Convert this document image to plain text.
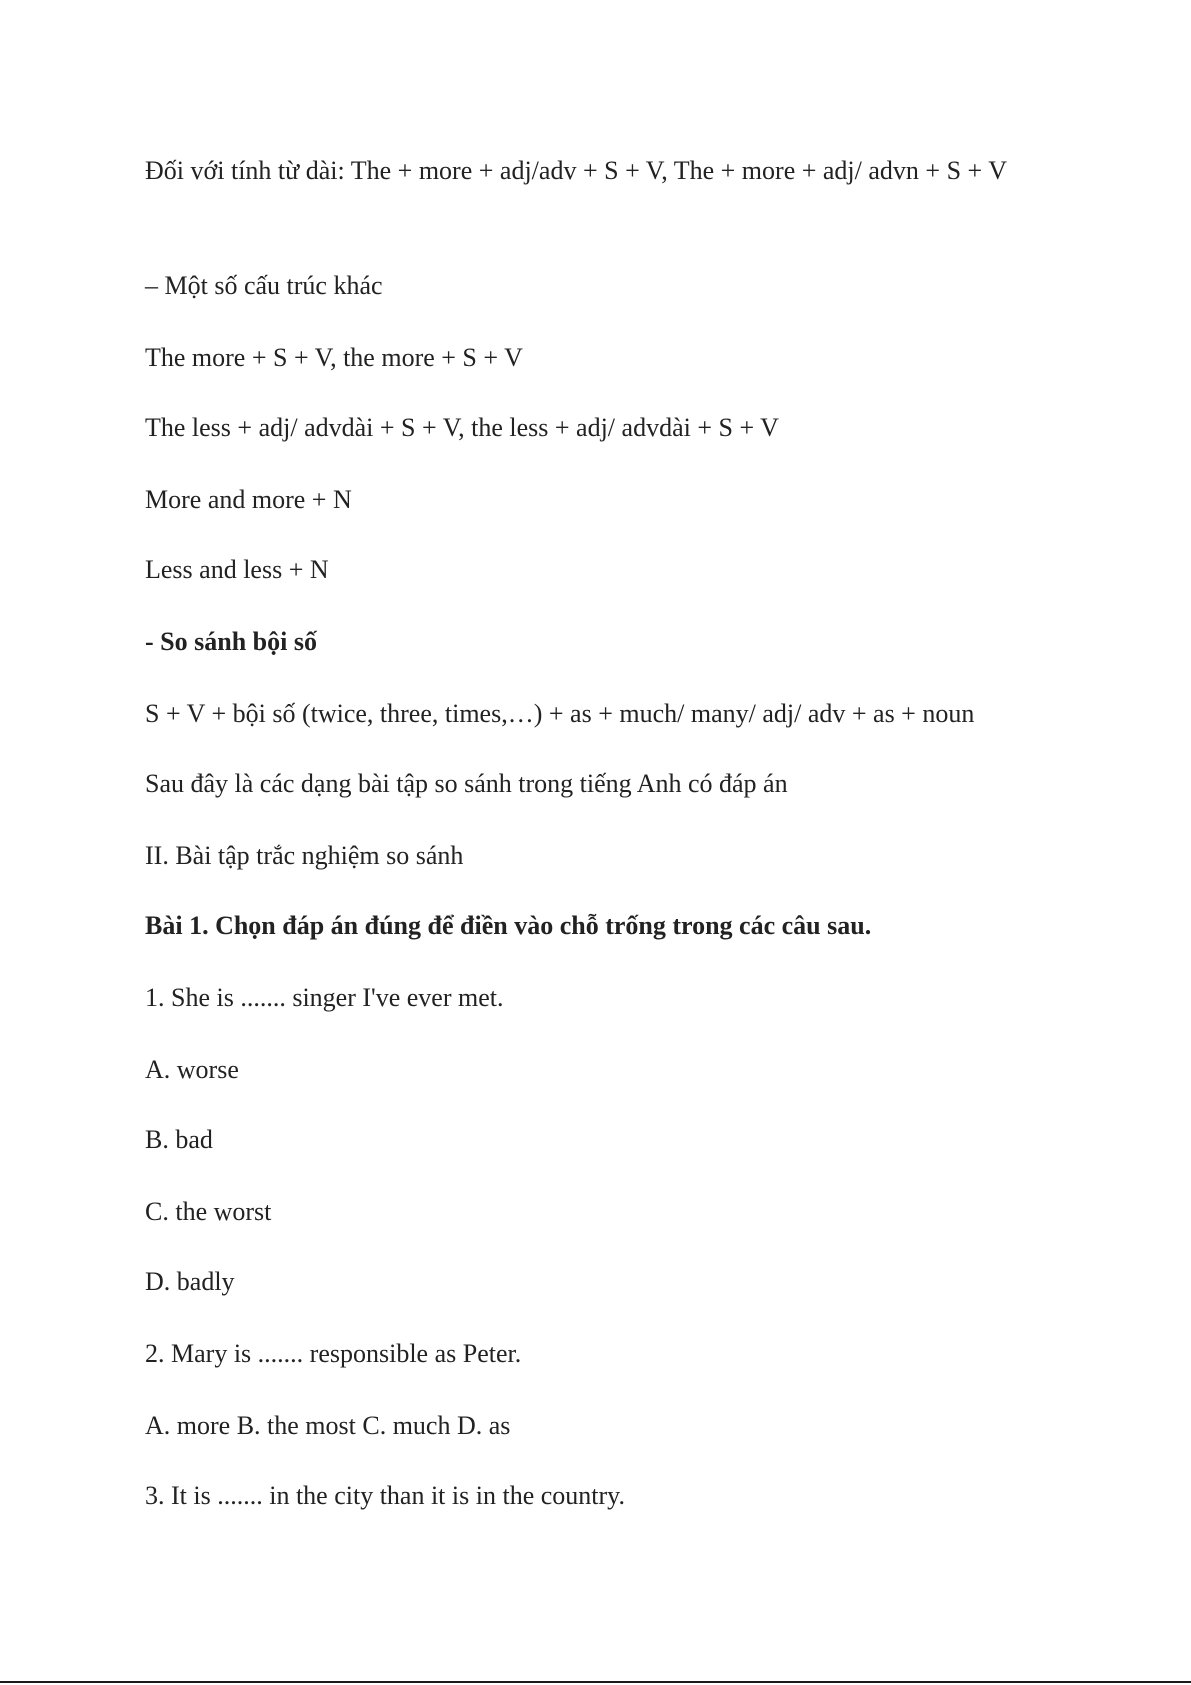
Đối với tính từ dài: The + more + adj/adv + S + V, The + more + adj/ advn + S + V
– Một số cấu trúc khác
The more + S + V, the more + S + V
The less + adj/ advdài + S + V, the less + adj/ advdài + S + V
More and more + N
Less and less + N
- So sánh bội số
S + V + bội số (twice, three, times,…) + as + much/ many/ adj/ adv + as + noun
Sau đây là các dạng bài tập so sánh trong tiếng Anh có đáp án
II. Bài tập trắc nghiệm so sánh
Bài 1. Chọn đáp án đúng để điền vào chỗ trống trong các câu sau.
1. She is ....... singer I've ever met.
A. worse
B. bad
C. the worst
D. badly
2. Mary is ....... responsible as Peter.
A. more B. the most C. much D. as
3. It is ....... in the city than it is in the country.
